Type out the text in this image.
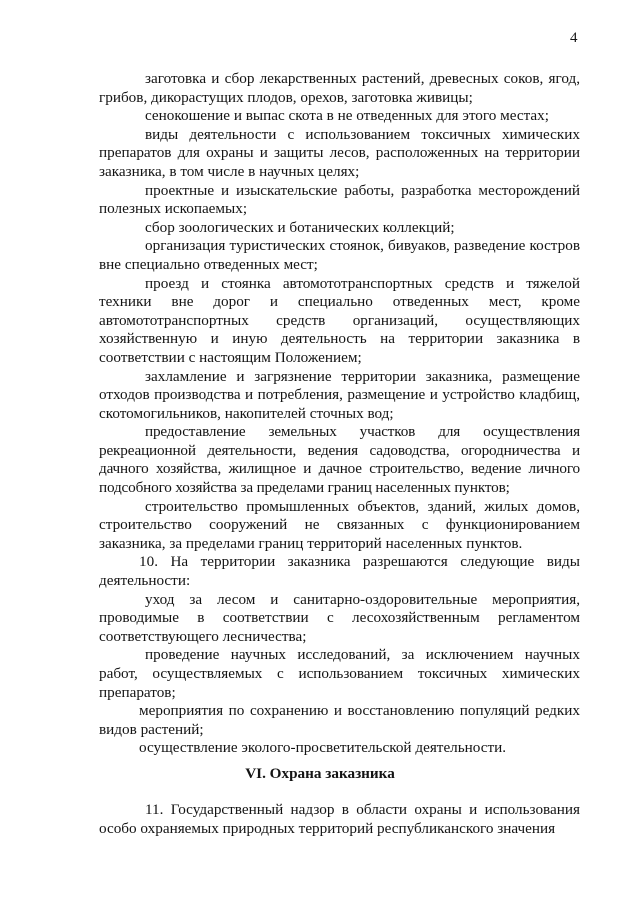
4

заготовка и сбор лекарственных растений, древесных соков, ягод, грибов, дикорастущих плодов, орехов, заготовка живицы;

сенокошение и выпас скота в не отведенных для этого местах;

виды деятельности с использованием токсичных химических препаратов для охраны и защиты лесов, расположенных на территории заказника, в том числе в научных целях;

проектные и изыскательские работы, разработка месторождений полезных ископаемых;

сбор зоологических и ботанических коллекций;

организация туристических стоянок, бивуаков, разведение костров вне специально отведенных мест;

проезд и стоянка автомототранспортных средств и тяжелой техники вне дорог и специально отведенных мест, кроме автомототранспортных средств организаций, осуществляющих хозяйственную и иную деятельность на территории заказника в соответствии с настоящим Положением;

захламление и загрязнение территории заказника, размещение отходов производства и потребления, размещение и устройство кладбищ, скотомогильников, накопителей сточных вод;

предоставление земельных участков для осуществления рекреационной деятельности, ведения садоводства, огородничества и дачного хозяйства, жилищное и дачное строительство, ведение личного подсобного хозяйства за пределами границ населенных пунктов;

строительство промышленных объектов, зданий, жилых домов, строительство сооружений не связанных с функционированием заказника, за пределами границ территорий населенных пунктов.

10. На территории заказника разрешаются следующие виды деятельности:

уход за лесом и санитарно-оздоровительные мероприятия, проводимые в соответствии с лесохозяйственным регламентом соответствующего лесничества;

проведение научных исследований, за исключением научных работ, осуществляемых с использованием токсичных химических препаратов;

мероприятия по сохранению и восстановлению популяций редких видов растений;

осуществление эколого-просветительской деятельности.

VI. Охрана заказника

11. Государственный надзор в области охраны и использования особо охраняемых природных территорий республиканского значения
